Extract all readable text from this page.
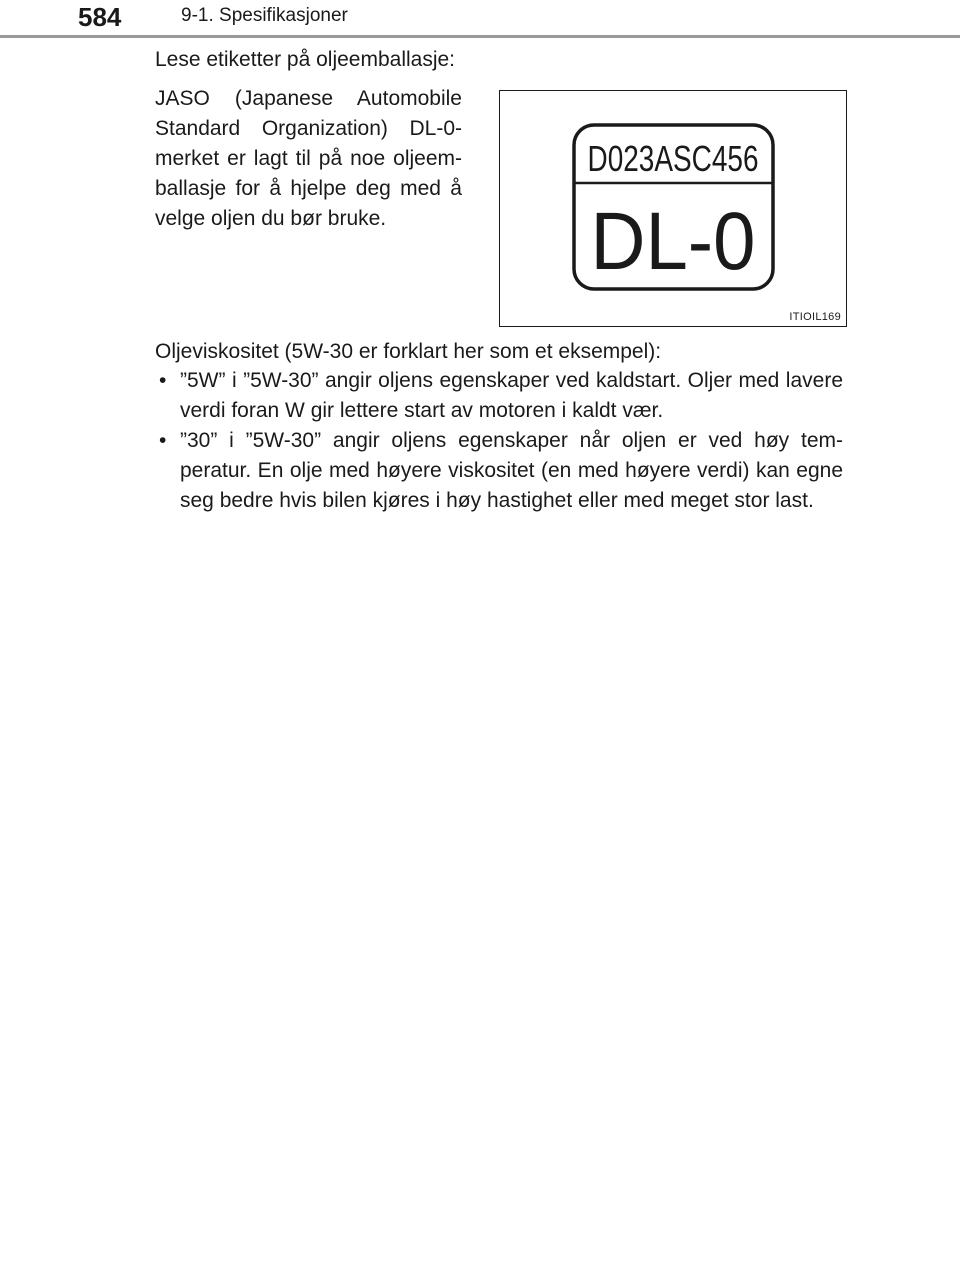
584	9-1. Spesifikasjoner
Lese etiketter på oljeemballasje:
JASO (Japanese Automobile Standard Organization) DL-0-merket er lagt til på noe oljeem-ballasje for å hjelpe deg med å velge oljen du bør bruke.
D023ASC456
DL-0
ITIOIL169
Oljeviskositet (5W-30 er forklart her som et eksempel):
• ”5W” i ”5W-30” angir oljens egenskaper ved kaldstart. Oljer med lavere verdi foran W gir lettere start av motoren i kaldt vær.
• ”30” i ”5W-30” angir oljens egenskaper når oljen er ved høy tem-peratur. En olje med høyere viskositet (en med høyere verdi) kan egne seg bedre hvis bilen kjøres i høy hastighet eller med meget stor last.
